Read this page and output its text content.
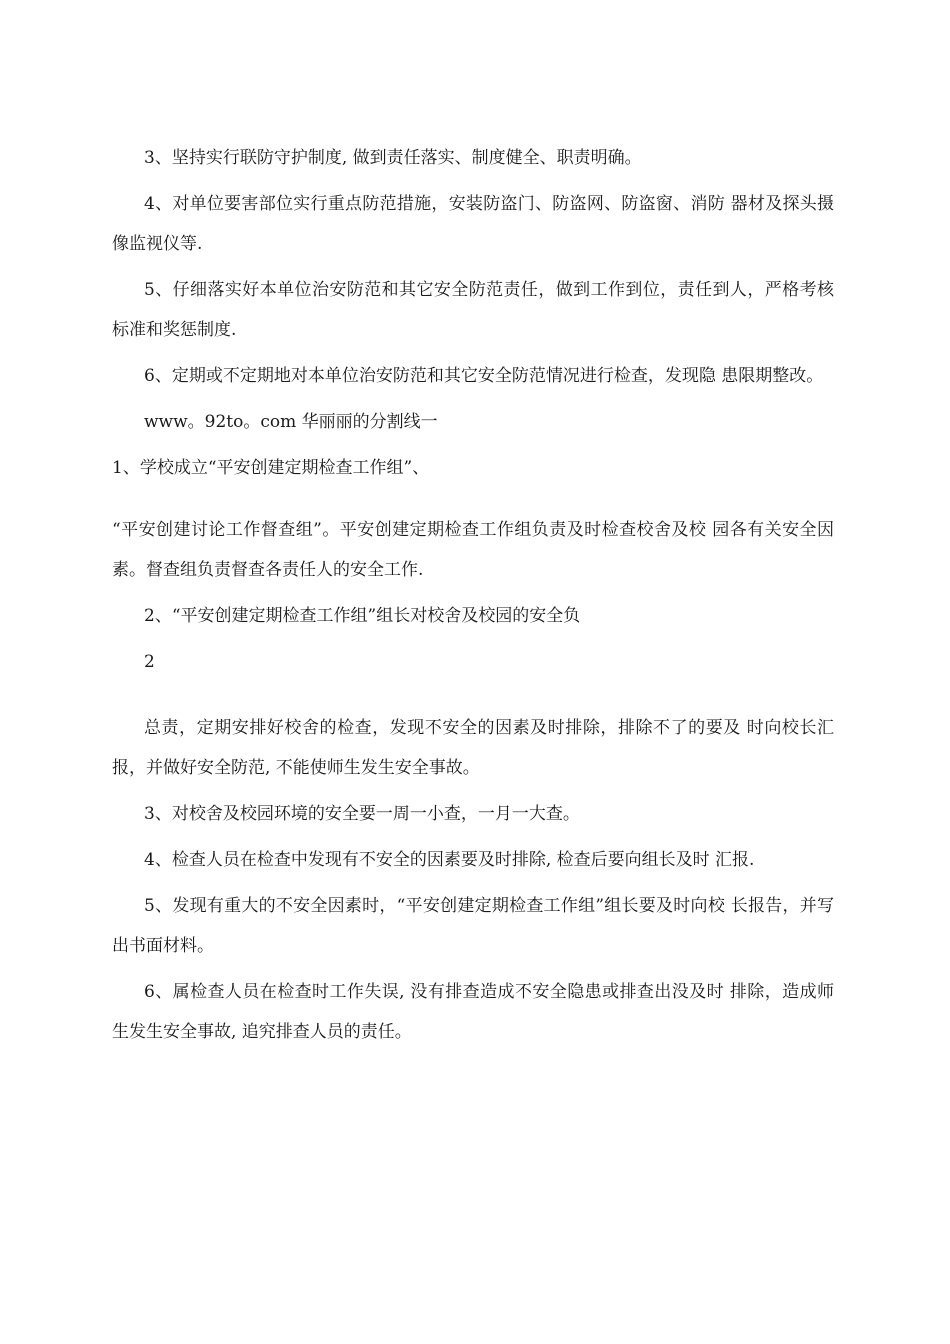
3、坚持实行联防守护制度, 做到责任落实、制度健全、职责明确。

4、对单位要害部位实行重点防范措施，安装防盗门、防盗网、防盗窗、消防 器材及探头摄像监视仪等.

5、仔细落实好本单位治安防范和其它安全防范责任，做到工作到位，责任到人，严格考核标准和奖惩制度.

6、定期或不定期地对本单位治安防范和其它安全防范情况进行检查，发现隐 患限期整改。

www。92to。com 华丽丽的分割线一

1、学校成立“平安创建定期检查工作组”、

“平安创建讨论工作督查组”。平安创建定期检查工作组负责及时检查校舍及校 园各有关安全因素。督查组负责督查各责任人的安全工作.

2、“平安创建定期检查工作组”组长对校舍及校园的安全负

2

总责，定期安排好校舍的检查，发现不安全的因素及时排除，排除不了的要及 时向校长汇报，并做好安全防范, 不能使师生发生安全事故。

3、对校舍及校园环境的安全要一周一小查，一月一大查。

4、检查人员在检查中发现有不安全的因素要及时排除, 检查后要向组长及时 汇报.

5、发现有重大的不安全因素时，“平安创建定期检查工作组”组长要及时向校 长报告，并写出书面材料。

6、属检查人员在检查时工作失误, 没有排查造成不安全隐患或排查出没及时 排除，造成师生发生安全事故, 追究排查人员的责任。
